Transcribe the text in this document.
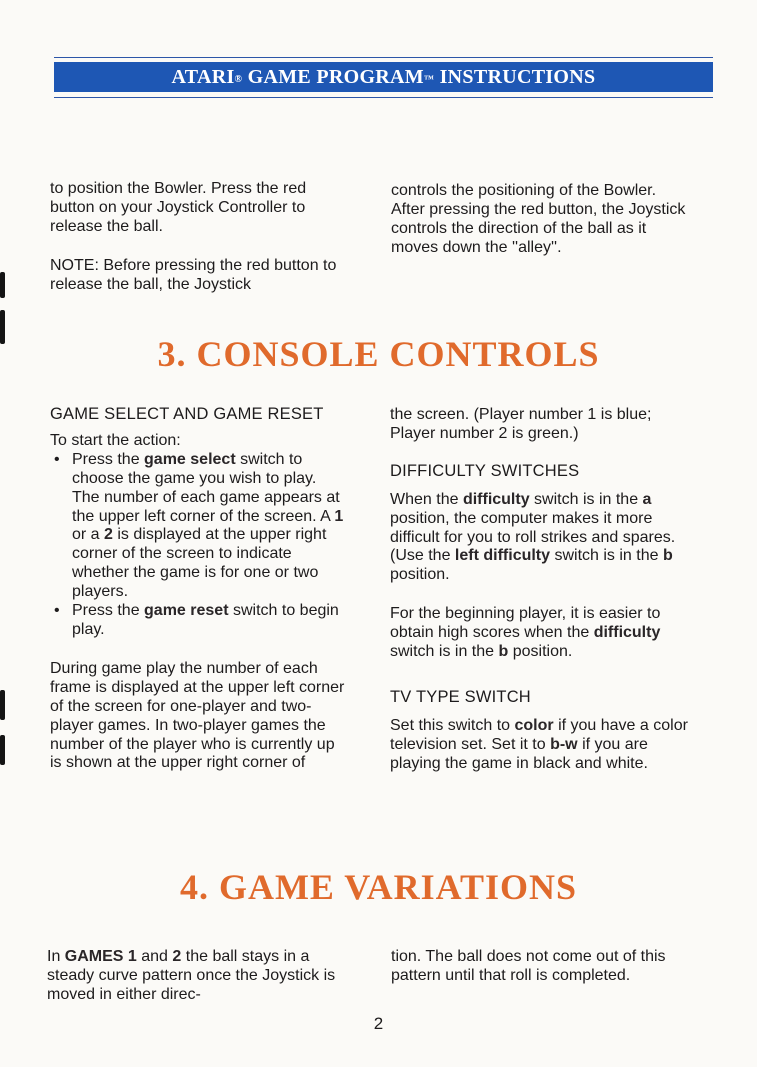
ATARI® GAME PROGRAM™ INSTRUCTIONS

to position the Bowler. Press the red button on your Joystick Controller to release the ball.

NOTE: Before pressing the red button to release the ball, the Joystick

controls the positioning of the Bowler. After pressing the red button, the Joystick controls the direction of the ball as it moves down the ''alley''.

3. CONSOLE CONTROLS

GAME SELECT AND GAME RESET

To start the action:

• Press the game select switch to choose the game you wish to play. The number of each game appears at the upper left corner of the screen. A 1 or a 2 is displayed at the upper right corner of the screen to indicate whether the game is for one or two players.
• Press the game reset switch to begin play.

During game play the number of each frame is displayed at the upper left corner of the screen for one-player and two-player games. In two-player games the number of the player who is currently up is shown at the upper right corner of

the screen. (Player number 1 is blue; Player number 2 is green.)

DIFFICULTY SWITCHES

When the difficulty switch is in the a position, the computer makes it more difficult for you to roll strikes and spares. (Use the left difficulty switch is in the b position.

For the beginning player, it is easier to obtain high scores when the difficulty switch is in the b position.

TV TYPE SWITCH

Set this switch to color if you have a color television set. Set it to b-w if you are playing the game in black and white.

4. GAME VARIATIONS

In GAMES 1 and 2 the ball stays in a steady curve pattern once the Joystick is moved in either direc-

tion. The ball does not come out of this pattern until that roll is completed.

2
